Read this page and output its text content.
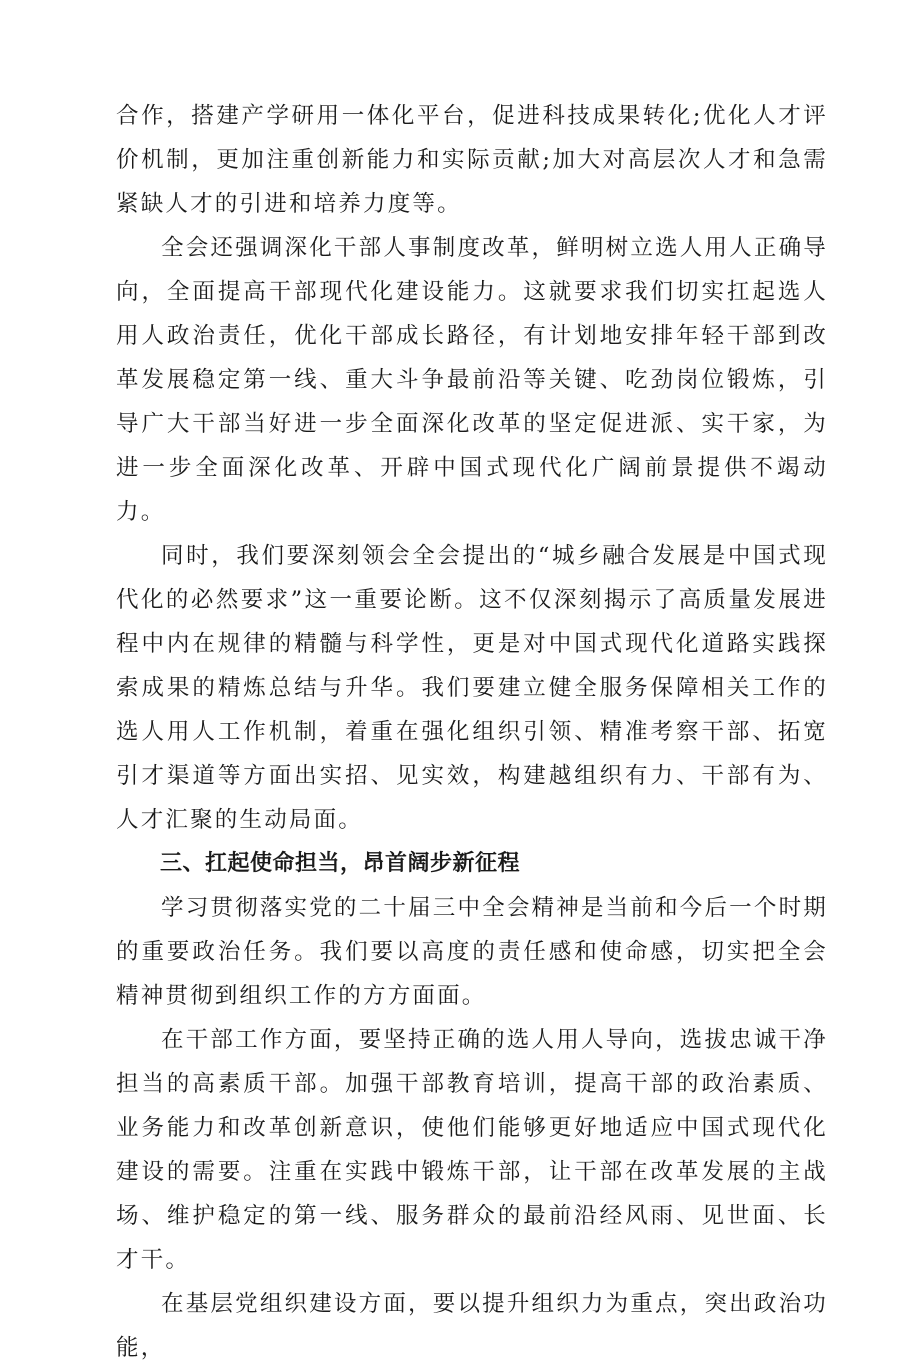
合作，搭建产学研用一体化平台，促进科技成果转化;优化人才评价机制，更加注重创新能力和实际贡献;加大对高层次人才和急需紧缺人才的引进和培养力度等。

全会还强调深化干部人事制度改革，鲜明树立选人用人正确导向，全面提高干部现代化建设能力。这就要求我们切实扛起选人用人政治责任，优化干部成长路径，有计划地安排年轻干部到改革发展稳定第一线、重大斗争最前沿等关键、吃劲岗位锻炼，引导广大干部当好进一步全面深化改革的坚定促进派、实干家，为进一步全面深化改革、开辟中国式现代化广阔前景提供不竭动力。

同时，我们要深刻领会全会提出的“城乡融合发展是中国式现代化的必然要求”这一重要论断。这不仅深刻揭示了高质量发展进程中内在规律的精髓与科学性，更是对中国式现代化道路实践探索成果的精炼总结与升华。我们要建立健全服务保障相关工作的选人用人工作机制，着重在强化组织引领、精准考察干部、拓宽引才渠道等方面出实招、见实效，构建越组织有力、干部有为、人才汇聚的生动局面。

三、扛起使命担当，昂首阔步新征程

学习贯彻落实党的二十届三中全会精神是当前和今后一个时期的重要政治任务。我们要以高度的责任感和使命感，切实把全会精神贯彻到组织工作的方方面面。

在干部工作方面，要坚持正确的选人用人导向，选拔忠诚干净担当的高素质干部。加强干部教育培训，提高干部的政治素质、业务能力和改革创新意识，使他们能够更好地适应中国式现代化建设的需要。注重在实践中锻炼干部，让干部在改革发展的主战场、维护稳定的第一线、服务群众的最前沿经风雨、见世面、长才干。

在基层党组织建设方面，要以提升组织力为重点，突出政治功能，
